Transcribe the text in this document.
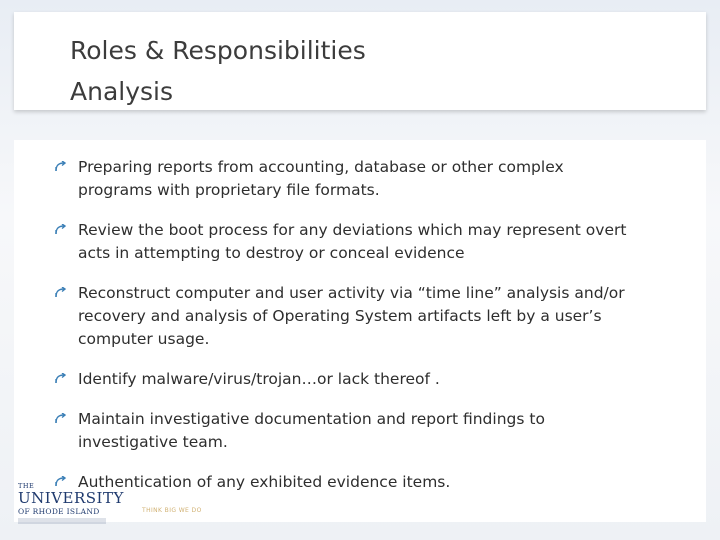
Roles & Responsibilities
Analysis
Preparing reports from accounting, database or other complex programs with proprietary file formats.
Review the boot process for any deviations which may represent overt acts in attempting to destroy or conceal evidence
Reconstruct computer and user activity via “time line” analysis and/or recovery and analysis of Operating System artifacts left by a user’s computer usage.
Identify malware/virus/trojan…or lack thereof .
Maintain investigative documentation and report findings to investigative team.
Authentication of any exhibited evidence items.
THE
UNIVERSITY
OF RHODE ISLAND	THINK BIG WE DO
